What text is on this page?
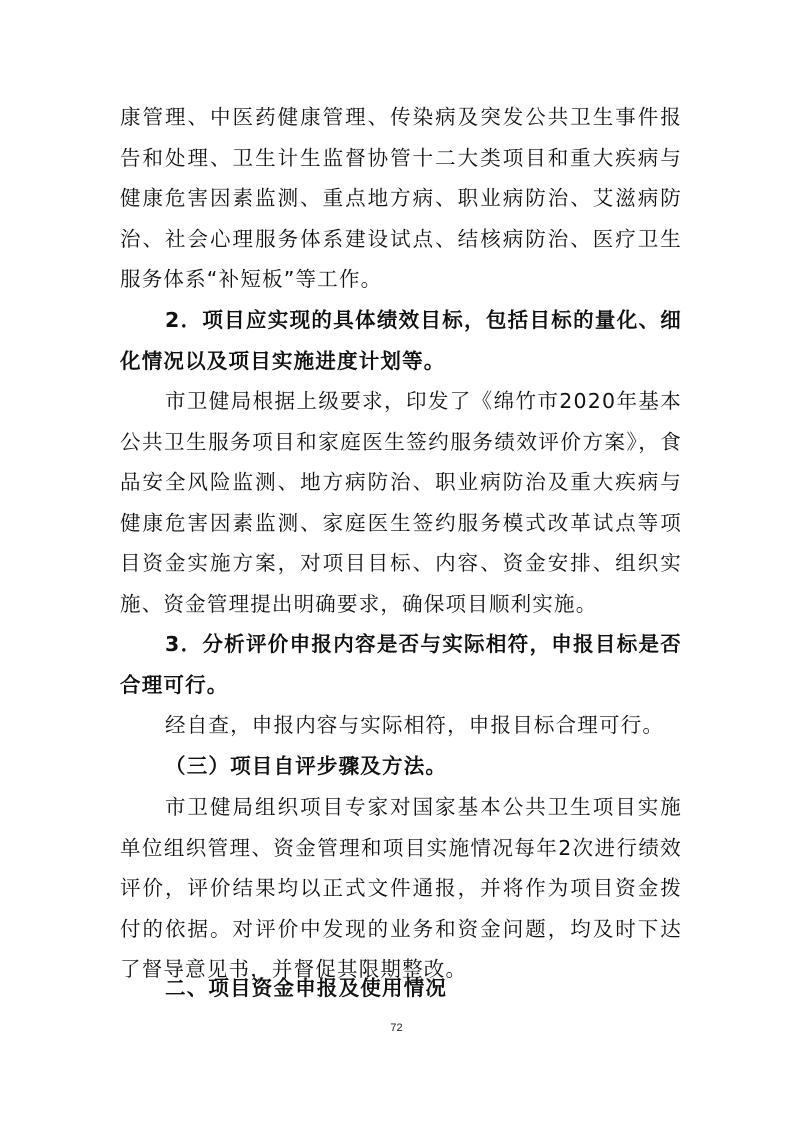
康管理、中医药健康管理、传染病及突发公共卫生事件报告和处理、卫生计生监督协管十二大类项目和重大疾病与健康危害因素监测、重点地方病、职业病防治、艾滋病防治、社会心理服务体系建设试点、结核病防治、医疗卫生服务体系“补短板”等工作。
2．项目应实现的具体绩效目标，包括目标的量化、细化情况以及项目实施进度计划等。
市卫健局根据上级要求，印发了《绵竹市2020年基本公共卫生服务项目和家庭医生签约服务绩效评价方案》，食品安全风险监测、地方病防治、职业病防治及重大疾病与健康危害因素监测、家庭医生签约服务模式改革试点等项目资金实施方案，对项目目标、内容、资金安排、组织实施、资金管理提出明确要求，确保项目顺利实施。
3．分析评价申报内容是否与实际相符，申报目标是否合理可行。
经自查，申报内容与实际相符，申报目标合理可行。
（三）项目自评步骤及方法。
市卫健局组织项目专家对国家基本公共卫生项目实施单位组织管理、资金管理和项目实施情况每年2次进行绩效评价，评价结果均以正式文件通报，并将作为项目资金拨付的依据。对评价中发现的业务和资金问题，均及时下达了督导意见书，并督促其限期整改。
二、项目资金申报及使用情况
72
